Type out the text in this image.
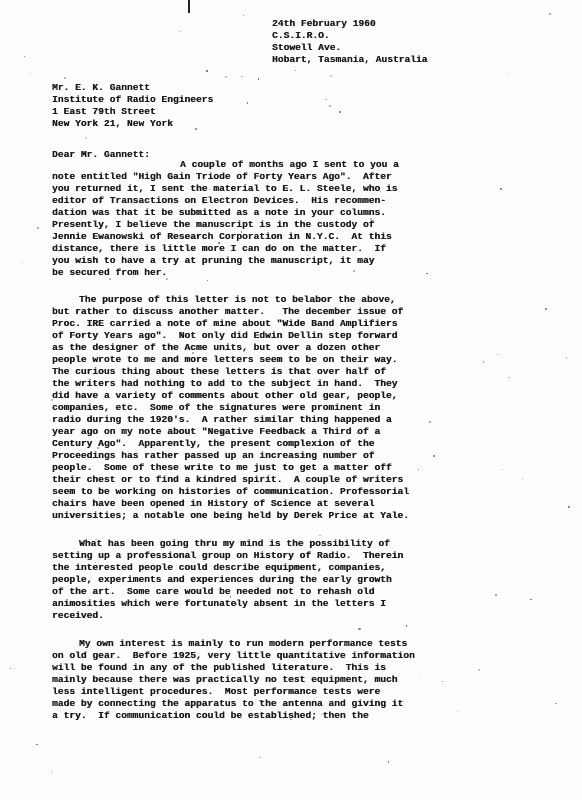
24th February 1960
C.S.I.R.O.
Stowell Ave.
Hobart, Tasmania, Australia
Mr. E. K. Gannett
Institute of Radio Engineers
1 East 79th Street
New York 21, New York
Dear Mr. Gannett:
A couple of months ago I sent to you a
note entitled "High Gain Triode of Forty Years Ago".  After
you returned it, I sent the material to E. L. Steele, who is
editor of Transactions on Electron Devices.  His recommen-
dation was that it be submitted as a note in your columns.
Presently, I believe the manuscript is in the custody of
Jennie Ewanowski of Research Corporation in N.Y.C.  At this
distance, there is little more I can do on the matter.  If
you wish to have a try at pruning the manuscript, it may
be secured from her.
The purpose of this letter is not to belabor the above,
but rather to discuss another matter.   The december issue of
Proc. IRE carried a note of mine about "Wide Band Amplifiers
of Forty Years ago".  Not only did Edwin Dellin step forward
as the designer of the Acme units, but over a dozen other
people wrote to me and more letters seem to be on their way.
The curious thing about these letters is that over half of
the writers had nothing to add to the subject in hand.  They
did have a variety of comments about other old gear, people,
companies, etc.  Some of the signatures were prominent in
radio during the 1920's.  A rather similar thing happened a
year ago on my note about "Negative Feedback a Third of a
Century Ago".  Apparently, the present complexion of the
Proceedings has rather passed up an increasing number of
people.  Some of these write to me just to get a matter off
their chest or to find a kindred spirit.  A couple of writers
seem to be working on histories of communication. Professorial
chairs have been opened in History of Science at several
universities; a notable one being held by Derek Price at Yale.
What has been going thru my mind is the possibility of
setting up a professional group on History of Radio.  Therein
the interested people could describe equipment, companies,
people, experiments and experiences during the early growth
of the art.  Some care would be needed not to rehash old
animosities which were fortunately absent in the letters I
received.
My own interest is mainly to run modern performance tests
on old gear.  Before 1925, very little quantitative information
will be found in any of the published literature.  This is
mainly because there was practically no test equipment, much
less intelligent procedures.  Most performance tests were
made by connecting the apparatus to the antenna and giving it
a try.  If communication could be established; then the
